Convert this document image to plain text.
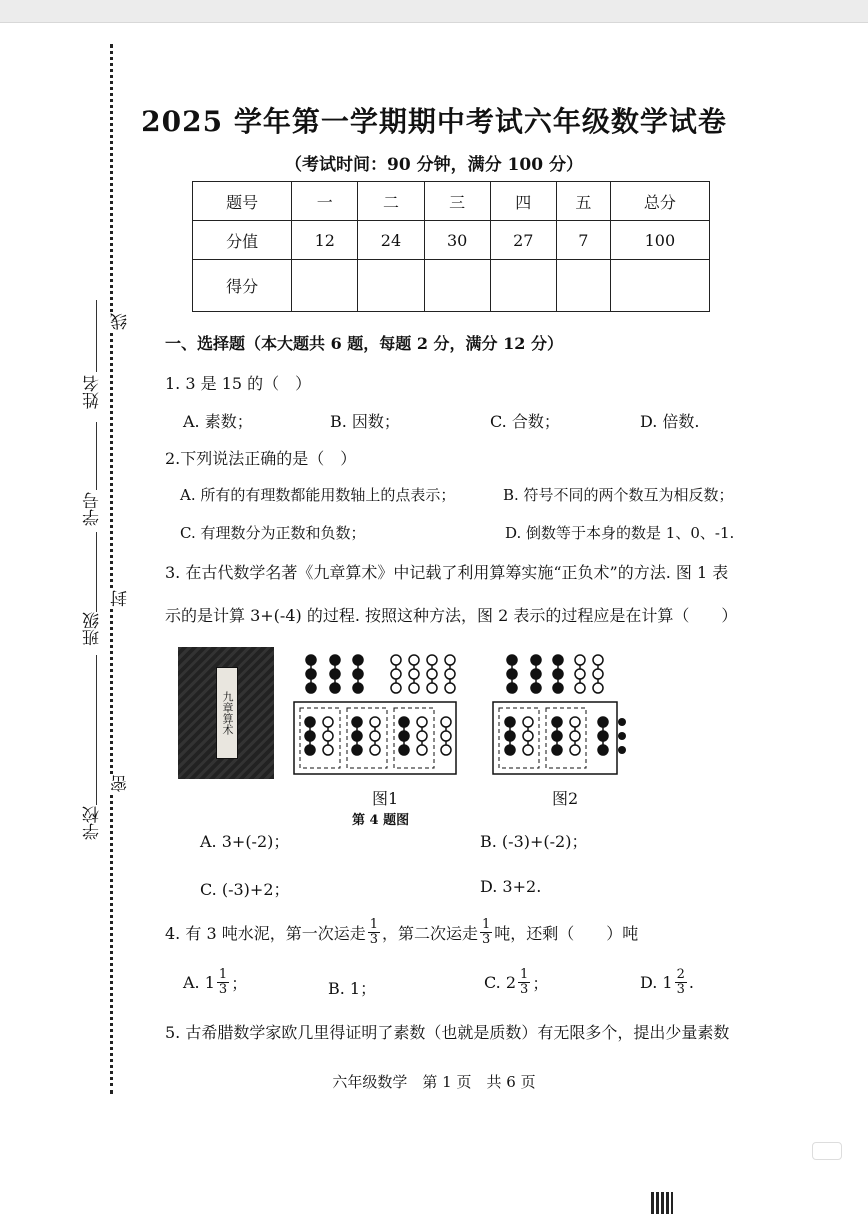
姓名
学号
班级
学校
线
封
密
2025 学年第一学期期中考试六年级数学试卷
（考试时间：90 分钟，满分 100 分）
题号	一	二	三	四	五	总分
分值	12	24	30	27	7	100
得分						
一、选择题（本大题共 6 题，每题 2 分，满分 12 分）
1. 3 是 15 的（　）
A. 素数；	B. 因数；	C. 合数；	D. 倍数.
2.下列说法正确的是（　）
A. 所有的有理数都能用数轴上的点表示；	B. 符号不同的两个数互为相反数；
C. 有理数分为正数和负数；	D. 倒数等于本身的数是 1、0、-1.
3. 在古代数学名著《九章算术》中记载了利用算筹实施“正负术”的方法. 图 1 表
示的是计算 3+(-4) 的过程. 按照这种方法，图 2 表示的过程应是在计算（　　）
九章算术
图1	图2
第 4 题图
A. 3+(-2)；	B. (-3)+(-2)；
C. (-3)+2；	D. 3+2.
4. 有 3 吨水泥，第一次运走 $\frac{1}{3}$ ，第二次运走 $\frac{1}{3}$ 吨，还剩（　　）吨
A. $1 \frac{1}{3}$ ；	B. 1；	C. $2 \frac{1}{3}$ ；	D. $1 \frac{2}{3}$ .
5. 古希腊数学家欧几里得证明了素数（也就是质数）有无限多个，提出少量素数
六年级数学　第 1 页　共 6 页
